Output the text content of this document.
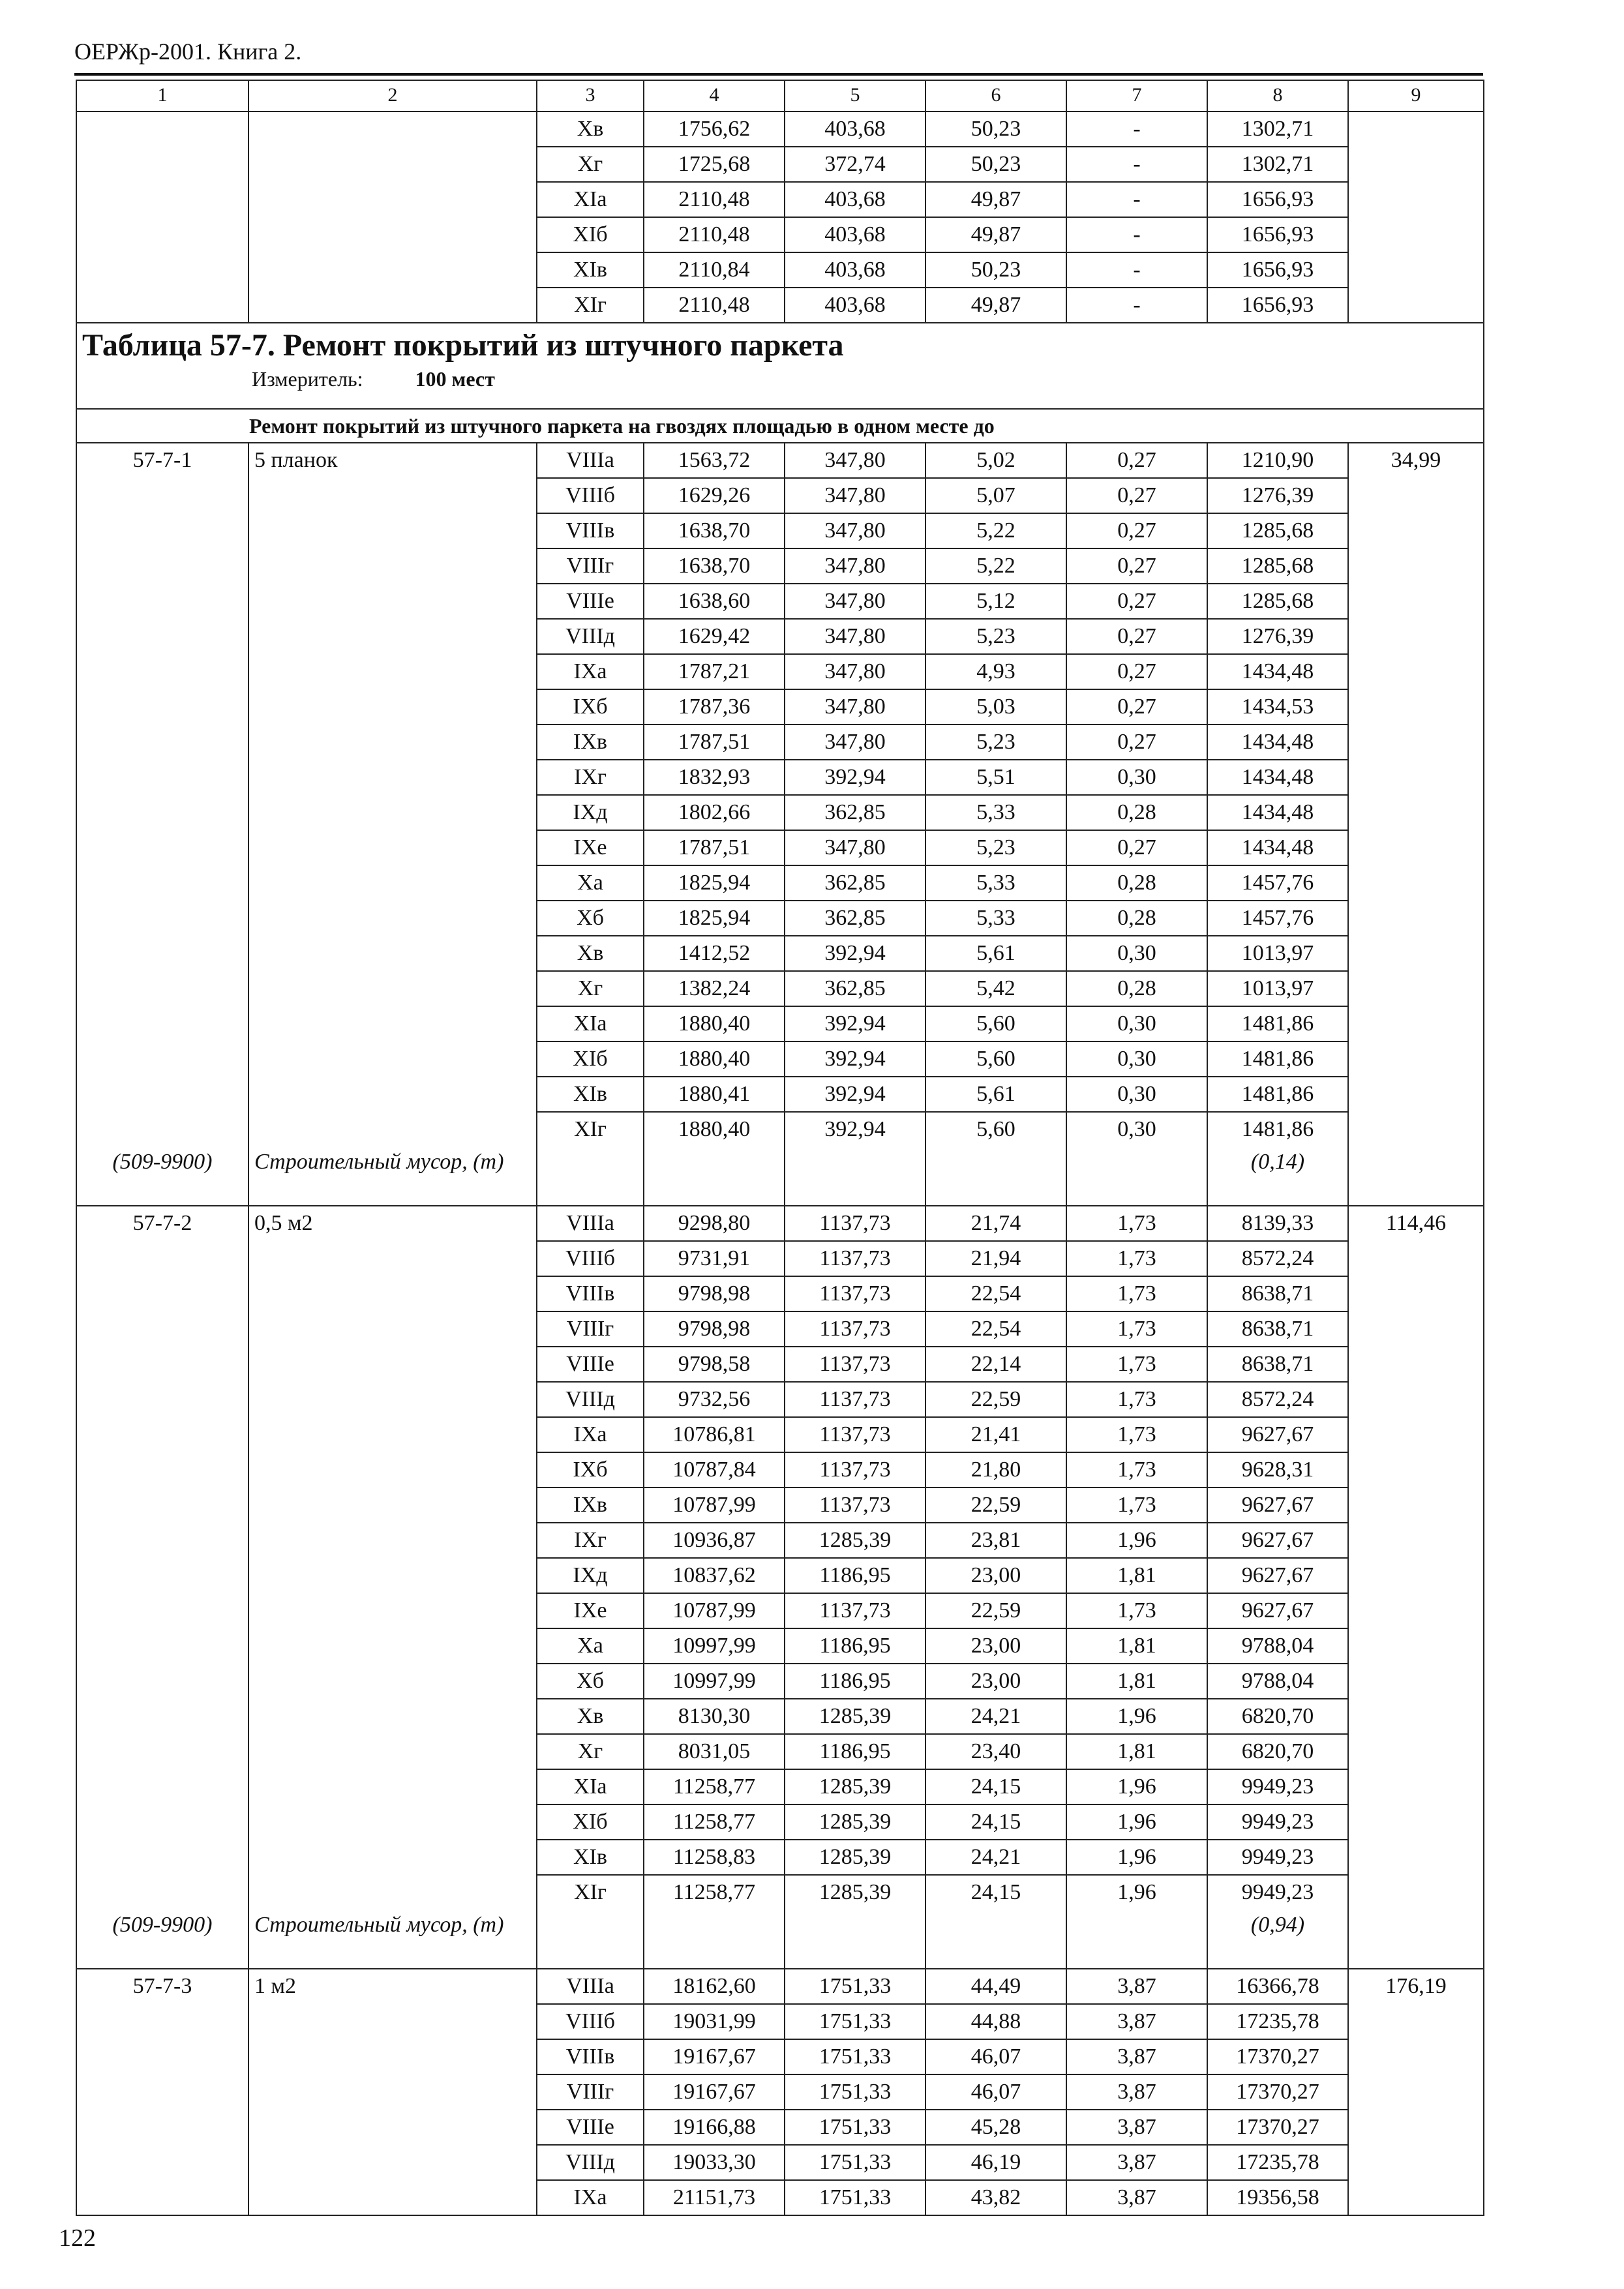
ОЕРЖр-2001. Книга 2.
1	2	3	4	5	6	7	8	9
		Xв	1756,62	403,68	50,23	-	1302,71	
		Xг	1725,68	372,74	50,23	-	1302,71	
		XIа	2110,48	403,68	49,87	-	1656,93	
		XIб	2110,48	403,68	49,87	-	1656,93	
		XIв	2110,84	403,68	50,23	-	1656,93	
		XIг	2110,48	403,68	49,87	-	1656,93	

Таблица 57-7. Ремонт покрытий из штучного паркета
Измеритель: 100 мест								

Ремонт покрытий из штучного паркета на гвоздях площадью в одном месте до								
57-7-1	5 планок	VIIIа	1563,72	347,80	5,02	0,27	1210,90	34,99
		VIIIб	1629,26	347,80	5,07	0,27	1276,39	
		VIIIв	1638,70	347,80	5,22	0,27	1285,68	
		VIIIг	1638,70	347,80	5,22	0,27	1285,68	
		VIIIе	1638,60	347,80	5,12	0,27	1285,68	
		VIIIд	1629,42	347,80	5,23	0,27	1276,39	
		IXа	1787,21	347,80	4,93	0,27	1434,48	
		IXб	1787,36	347,80	5,03	0,27	1434,53	
		IXв	1787,51	347,80	5,23	0,27	1434,48	
		IXг	1832,93	392,94	5,51	0,30	1434,48	
		IXд	1802,66	362,85	5,33	0,28	1434,48	
		IXе	1787,51	347,80	5,23	0,27	1434,48	
		Xа	1825,94	362,85	5,33	0,28	1457,76	
		Xб	1825,94	362,85	5,33	0,28	1457,76	
		Xв	1412,52	392,94	5,61	0,30	1013,97	
		Xг	1382,24	362,85	5,42	0,28	1013,97	
		XIа	1880,40	392,94	5,60	0,30	1481,86	
		XIб	1880,40	392,94	5,60	0,30	1481,86	
		XIв	1880,41	392,94	5,61	0,30	1481,86	
		XIг	1880,40	392,94	5,60	0,30	1481,86	

(509-9900)	Строительный мусор, (т)						(0,14)	

57-7-2	0,5 м2	VIIIа	9298,80	1137,73	21,74	1,73	8139,33	114,46
		VIIIб	9731,91	1137,73	21,94	1,73	8572,24	
		VIIIв	9798,98	1137,73	22,54	1,73	8638,71	
		VIIIг	9798,98	1137,73	22,54	1,73	8638,71	
		VIIIе	9798,58	1137,73	22,14	1,73	8638,71	
		VIIIд	9732,56	1137,73	22,59	1,73	8572,24	
		IXа	10786,81	1137,73	21,41	1,73	9627,67	
		IXб	10787,84	1137,73	21,80	1,73	9628,31	
		IXв	10787,99	1137,73	22,59	1,73	9627,67	
		IXг	10936,87	1285,39	23,81	1,96	9627,67	
		IXд	10837,62	1186,95	23,00	1,81	9627,67	
		IXе	10787,99	1137,73	22,59	1,73	9627,67	
		Xа	10997,99	1186,95	23,00	1,81	9788,04	
		Xб	10997,99	1186,95	23,00	1,81	9788,04	
		Xв	8130,30	1285,39	24,21	1,96	6820,70	
		Xг	8031,05	1186,95	23,40	1,81	6820,70	
		XIа	11258,77	1285,39	24,15	1,96	9949,23	
		XIб	11258,77	1285,39	24,15	1,96	9949,23	
		XIв	11258,83	1285,39	24,21	1,96	9949,23	
		XIг	11258,77	1285,39	24,15	1,96	9949,23	

(509-9900)	Строительный мусор, (т)						(0,94)	

57-7-3	1 м2	VIIIа	18162,60	1751,33	44,49	3,87	16366,78	176,19
		VIIIб	19031,99	1751,33	44,88	3,87	17235,78	
		VIIIв	19167,67	1751,33	46,07	3,87	17370,27	
		VIIIг	19167,67	1751,33	46,07	3,87	17370,27	
		VIIIе	19166,88	1751,33	45,28	3,87	17370,27	
		VIIIд	19033,30	1751,33	46,19	3,87	17235,78	
		IXа	21151,73	1751,33	43,82	3,87	19356,58	
122
